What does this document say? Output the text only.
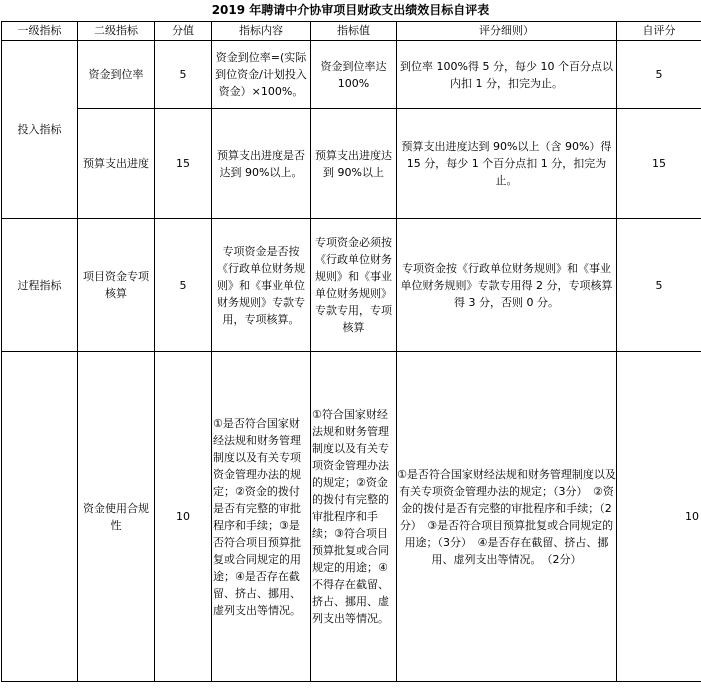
2019 年聘请中介协审项目财政支出绩效目标自评表
一级指标	二级指标	分值	指标内容	指标值	评分细则）	自评分
投入指标	资金到位率	5	资金到位率=(实际到位资金/计划投入资金）×100%。	资金到位率达100%	到位率 100%得 5 分，每少 10 个百分点以内扣 1 分，扣完为止。	5
	预算支出进度	15	预算支出进度是否达到 90%以上。	预算支出进度达到 90%以上	预算支出进度达到 90%以上（含 90%）得 15 分，每少 1 个百分点扣 1 分，扣完为止。	15
过程指标	项目资金专项核算	5	专项资金是否按《行政单位财务规则》和《事业单位财务规则》专款专用，专项核算。	专项资金必须按《行政单位财务规则》和《事业单位财务规则》专款专用，专项核算	专项资金按《行政单位财务规则》和《事业单位财务规则》专款专用得 2 分，专项核算得 3 分，否则 0 分。	5
	资金使用合规性	10	①是否符合国家财经法规和财务管理制度以及有关专项资金管理办法的规定；②资金的拨付是否有完整的审批程序和手续；③是否符合项目预算批复或合同规定的用途；④是否存在截留、挤占、挪用、虚列支出等情况。	①符合国家财经法规和财务管理制度以及有关专项资金管理办法的规定；②资金的拨付有完整的审批程序和手续；③符合项目预算批复或合同规定的用途；④不得存在截留、挤占、挪用、虚列支出等情况。	①是否符合国家财经法规和财务管理制度以及有关专项资金管理办法的规定；（3分）　②资金的拨付是否有完整的审批程序和手续；（2分）　③是否符合项目预算批复或合同规定的用途；（3分）　④是否存在截留、挤占、挪用、虚列支出等情况。　（2分）	10
